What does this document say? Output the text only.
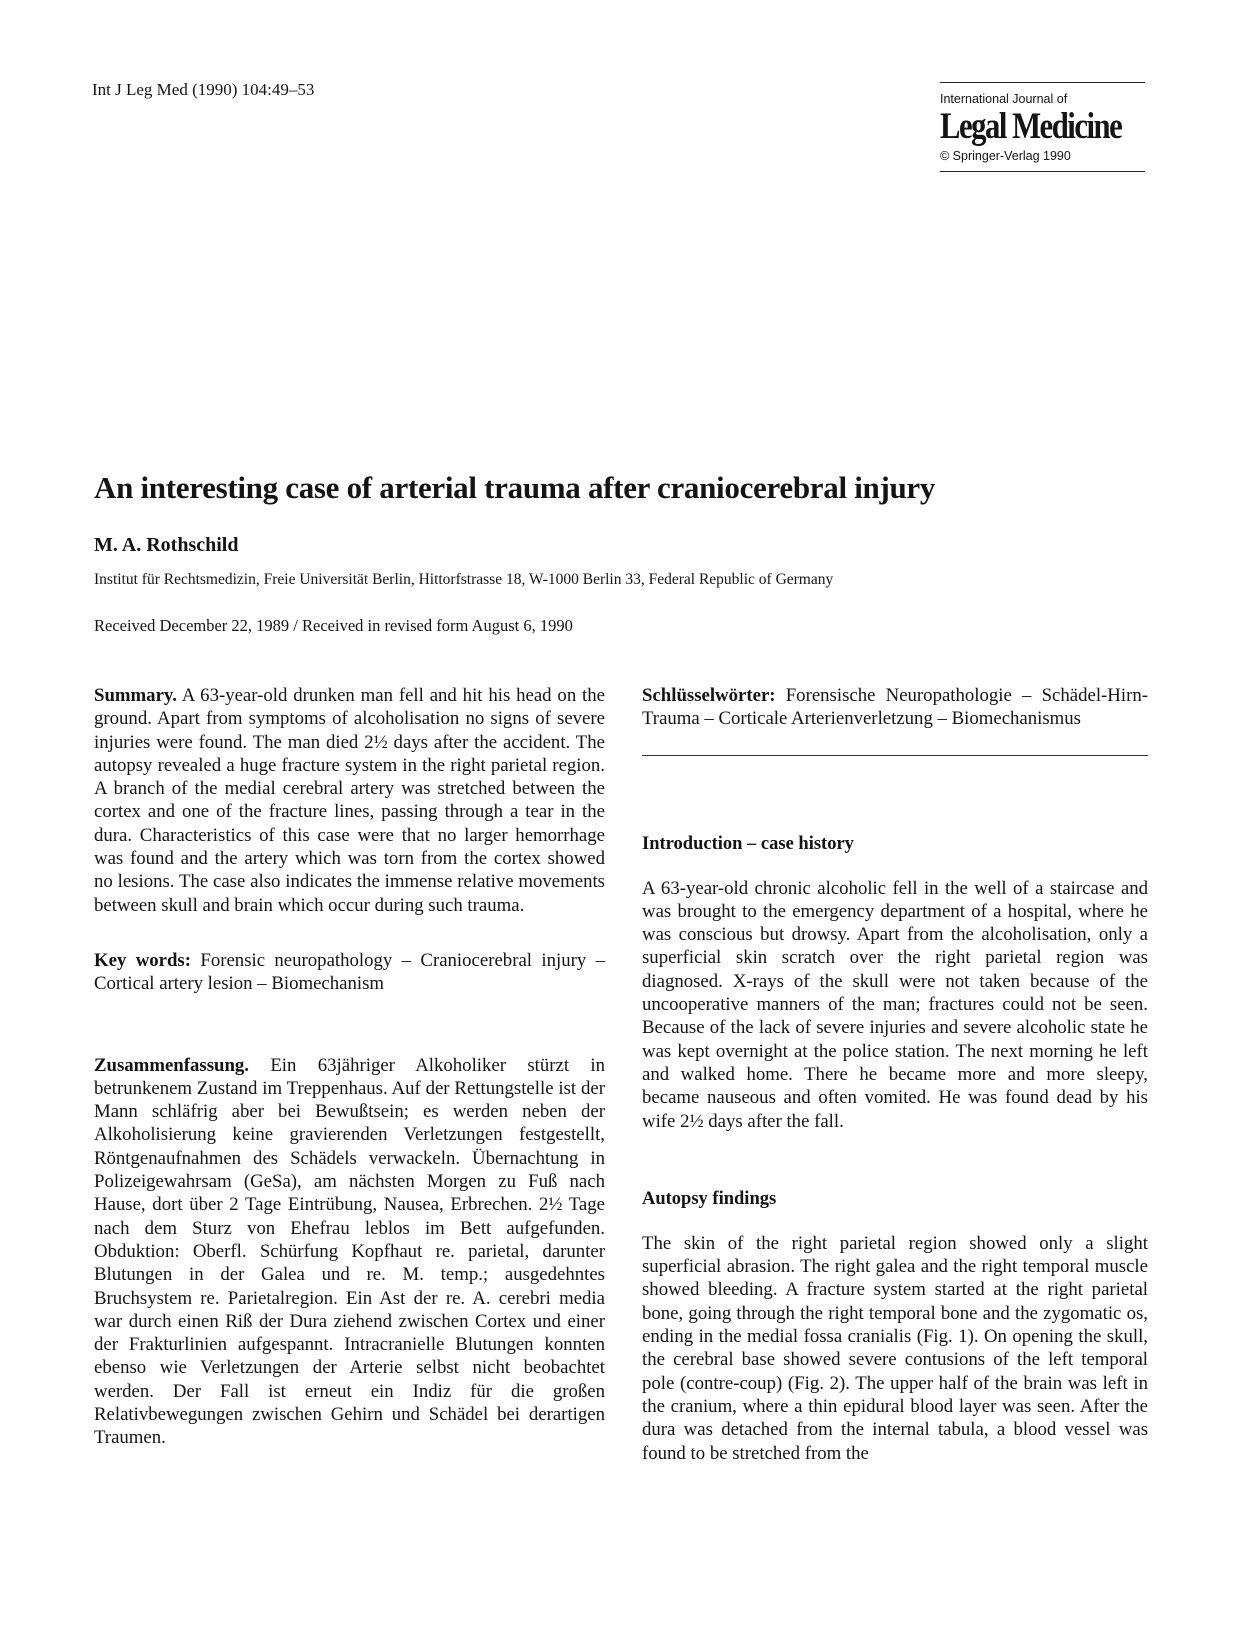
Int J Leg Med (1990) 104:49–53	International Journal of
Legal Medicine
© Springer-Verlag 1990
An interesting case of arterial trauma after craniocerebral injury
M. A. Rothschild
Institut für Rechtsmedizin, Freie Universität Berlin, Hittorfstrasse 18, W-1000 Berlin 33, Federal Republic of Germany
Received December 22, 1989 / Received in revised form August 6, 1990

Summary. A 63-year-old drunken man fell and hit his head on the ground. Apart from symptoms of alcoholisation no signs of severe injuries were found. The man died 2½ days after the accident. The autopsy revealed a huge fracture system in the right parietal region. A branch of the medial cerebral artery was stretched between the cortex and one of the fracture lines, passing through a tear in the dura. Characteristics of this case were that no larger hemorrhage was found and the artery which was torn from the cortex showed no lesions. The case also indicates the immense relative movements between skull and brain which occur during such trauma.

Key words: Forensic neuropathology – Craniocerebral injury – Cortical artery lesion – Biomechanism

Zusammenfassung. Ein 63jähriger Alkoholiker stürzt in betrunkenem Zustand im Treppenhaus. Auf der Rettungstelle ist der Mann schläfrig aber bei Bewußtsein; es werden neben der Alkoholisierung keine gravierenden Verletzungen festgestellt, Röntgenaufnahmen des Schädels verwackeln. Übernachtung in Polizeigewahrsam (GeSa), am nächsten Morgen zu Fuß nach Hause, dort über 2 Tage Eintrübung, Nausea, Erbrechen. 2½ Tage nach dem Sturz von Ehefrau leblos im Bett aufgefunden. Obduktion: Oberfl. Schürfung Kopfhaut re. parietal, darunter Blutungen in der Galea und re. M. temp.; ausgedehntes Bruchsystem re. Parietalregion. Ein Ast der re. A. cerebri media war durch einen Riß der Dura ziehend zwischen Cortex und einer der Frakturlinien aufgespannt. Intracranielle Blutungen konnten ebenso wie Verletzungen der Arterie selbst nicht beobachtet werden. Der Fall ist erneut ein Indiz für die großen Relativbewegungen zwischen Gehirn und Schädel bei derartigen Traumen.

Schlüsselwörter: Forensische Neuropathologie – Schädel-Hirn-Trauma – Corticale Arterienverletzung – Biomechanismus

Introduction – case history

A 63-year-old chronic alcoholic fell in the well of a staircase and was brought to the emergency department of a hospital, where he was conscious but drowsy. Apart from the alcoholisation, only a superficial skin scratch over the right parietal region was diagnosed. X-rays of the skull were not taken because of the uncooperative manners of the man; fractures could not be seen. Because of the lack of severe injuries and severe alcoholic state he was kept overnight at the police station. The next morning he left and walked home. There he became more and more sleepy, became nauseous and often vomited. He was found dead by his wife 2½ days after the fall.

Autopsy findings

The skin of the right parietal region showed only a slight superficial abrasion. The right galea and the right temporal muscle showed bleeding. A fracture system started at the right parietal bone, going through the right temporal bone and the zygomatic os, ending in the medial fossa cranialis (Fig. 1). On opening the skull, the cerebral base showed severe contusions of the left temporal pole (contre-coup) (Fig. 2). The upper half of the brain was left in the cranium, where a thin epidural blood layer was seen. After the dura was detached from the internal tabula, a blood vessel was found to be stretched from the
